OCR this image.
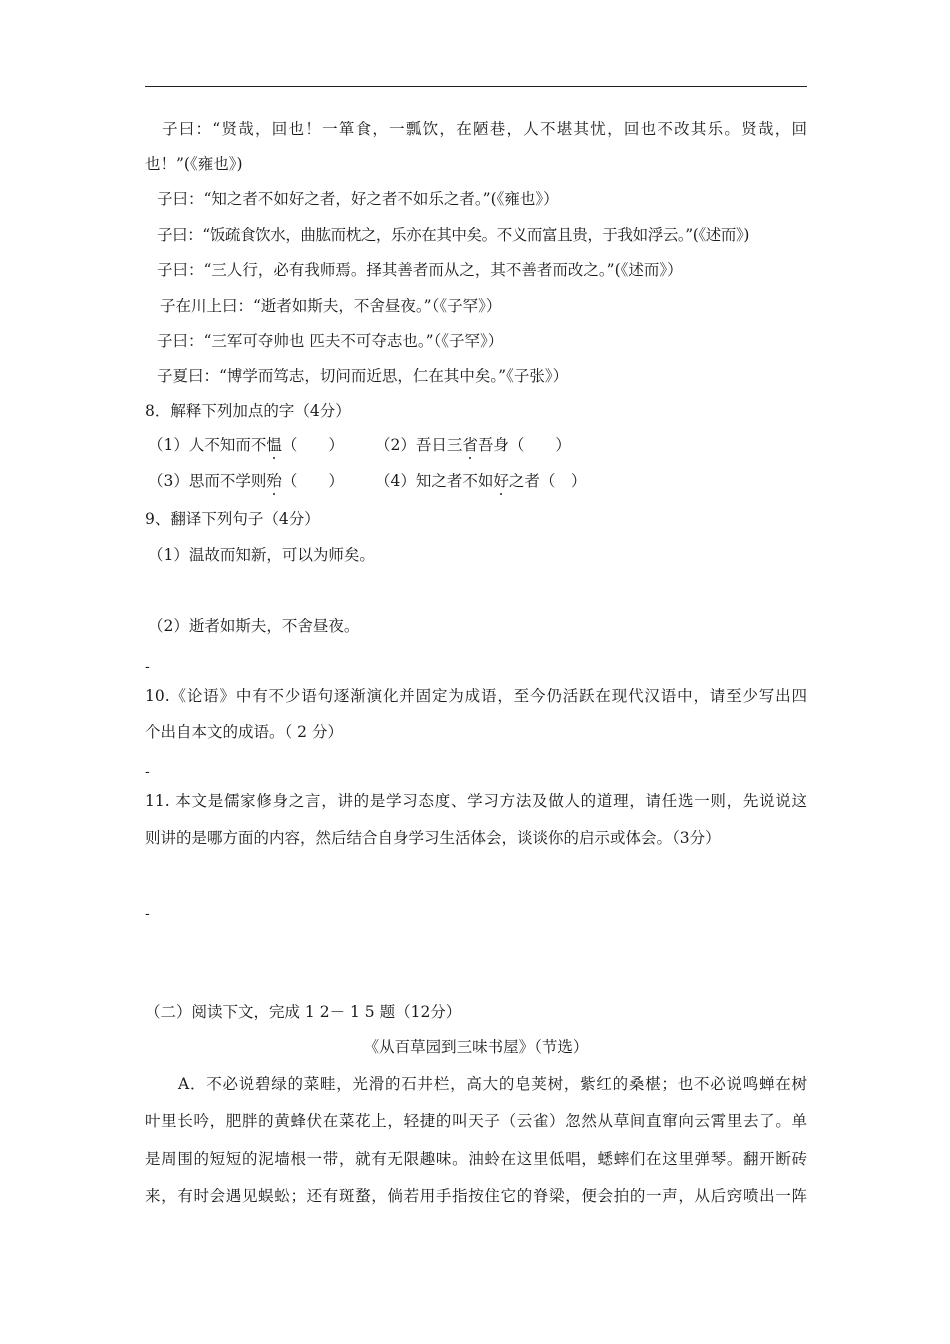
子曰：“贤哉，回也！一箪食，一瓢饮，在陋巷，人不堪其忧，回也不改其乐。贤哉，回
也！”(《雍也》)
子曰：“知之者不如好之者，好之者不如乐之者。”(《雍也》）
子曰：“饭疏食饮水，曲肱而枕之，乐亦在其中矣。不义而富且贵，于我如浮云。”(《述而》)
子曰：“三人行，必有我师焉。择其善者而从之，其不善者而改之。”(《述而》）
子在川上曰：“逝者如斯夫，不舍昼夜。”（《子罕》）
子曰：“三军可夺帅也 匹夫不可夺志也。”（《子罕》）
子夏曰：“博学而笃志，切问而近思，仁在其中矣。”《子张》）
8．解释下列加点的字（4分）
（1）人不知而不愠（　　）	（2）吾日三省吾身（　　）
（3）思而不学则殆（　　）	（4）知之者不如好之者（　）
9、翻译下列句子（4分）
（1）温故而知新，可以为师矣。
（2）逝者如斯夫，不舍昼夜。
-
10.《论语》中有不少语句逐渐演化并固定为成语，至今仍活跃在现代汉语中，请至少写出四
个出自本文的成语。（ 2 分）
-
11. 本文是儒家修身之言，讲的是学习态度、学习方法及做人的道理，请任选一则，先说说这
则讲的是哪方面的内容，然后结合自身学习生活体会，谈谈你的启示或体会。（3分）
-
（二）阅读下文，完成 1 2－ 1 5 题（12分）
《从百草园到三味书屋》（节选）
A．不必说碧绿的菜畦，光滑的石井栏，高大的皂荚树，紫红的桑椹；也不必说鸣蝉在树
叶里长吟，肥胖的黄蜂伏在菜花上，轻捷的叫天子（云雀）忽然从草间直窜向云霄里去了。单
是周围的短短的泥墙根一带，就有无限趣味。油蛉在这里低唱，蟋蟀们在这里弹琴。翻开断砖
来，有时会遇见蜈蚣；还有斑蝥，倘若用手指按住它的脊梁，便会拍的一声，从后窍喷出一阵
